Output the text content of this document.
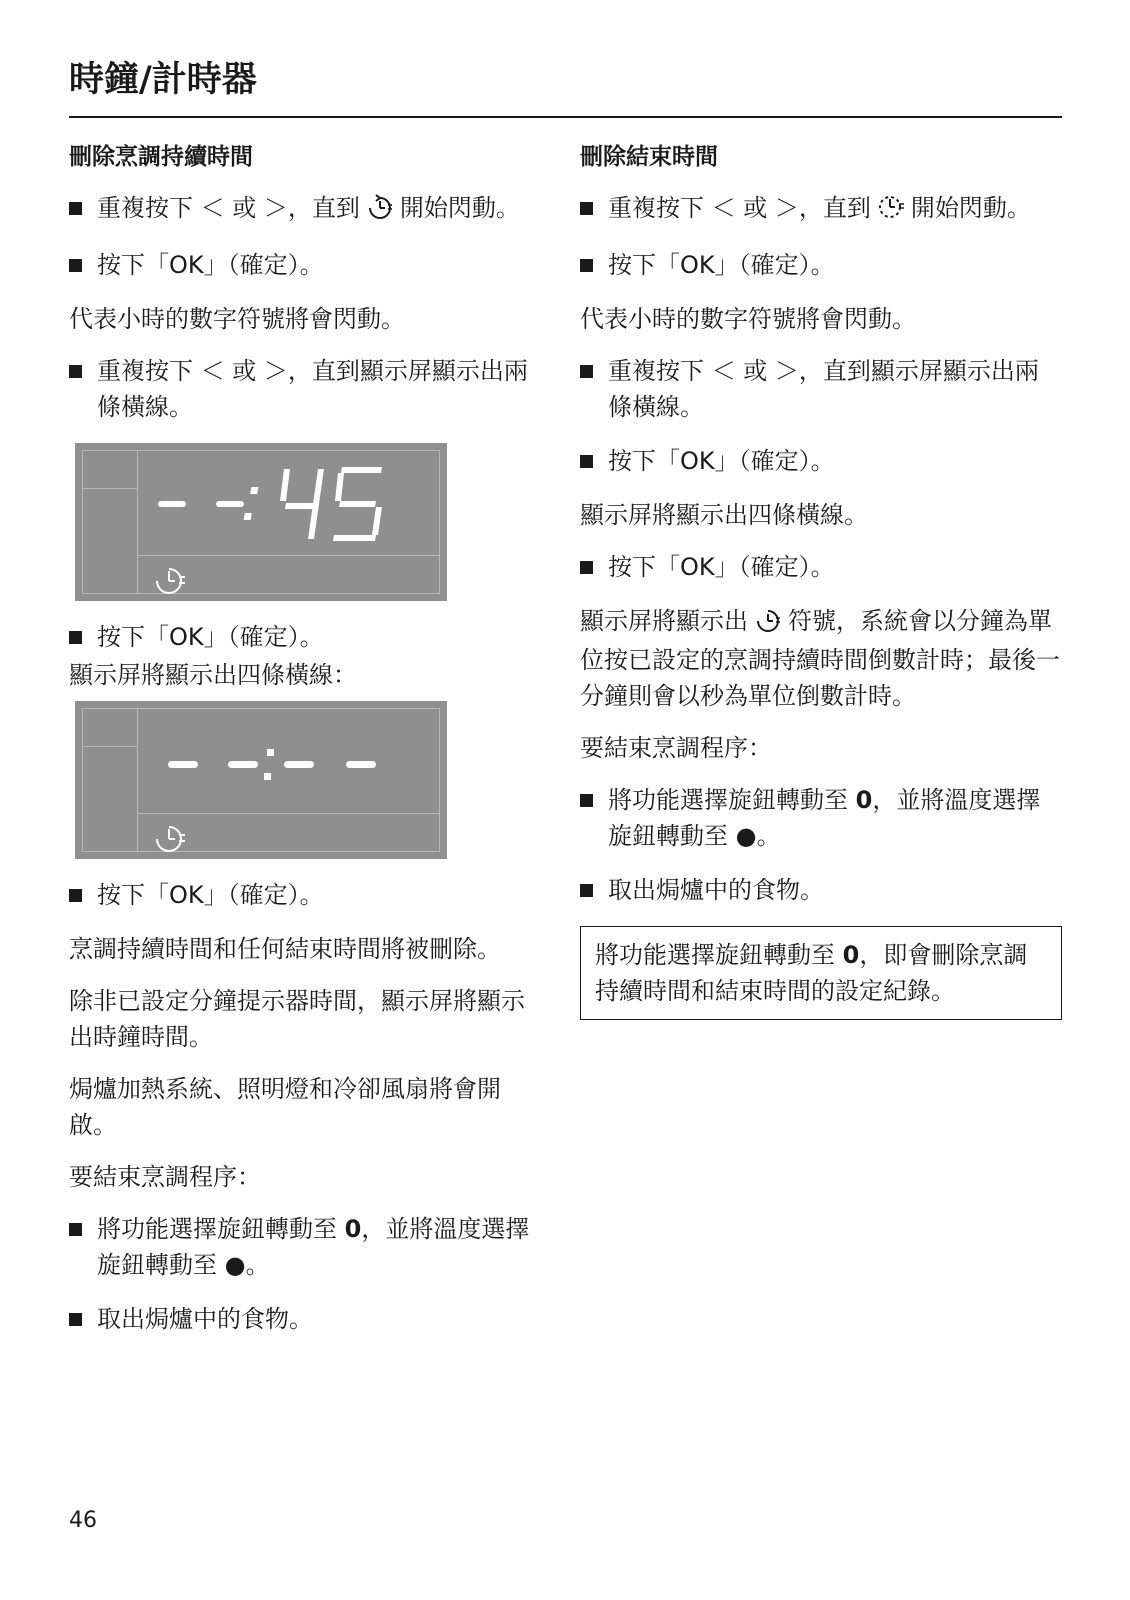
時鐘/計時器
刪除烹調持續時間
重複按下 ＜ 或 ＞，直到 開始閃動。
按下「OK」（確定）。

代表小時的數字符號將會閃動。

重複按下 ＜ 或 ＞，直到顯示屏顯示出兩條橫線。
按下「OK」（確定）。

顯示屏將顯示出四條橫線：

按下「OK」（確定）。

烹調持續時間和任何結束時間將被刪除。

除非已設定分鐘提示器時間，顯示屏將顯示出時鐘時間。

焗爐加熱系統、照明燈和冷卻風扇將會開啟。

要結束烹調程序：

將功能選擇旋鈕轉動至 0，並將溫度選擇旋鈕轉動至 ●。
取出焗爐中的食物。
刪除結束時間
重複按下 ＜ 或 ＞，直到 開始閃動。
按下「OK」（確定）。

代表小時的數字符號將會閃動。

重複按下 ＜ 或 ＞，直到顯示屏顯示出兩條橫線。
按下「OK」（確定）。

顯示屏將顯示出四條橫線。

按下「OK」（確定）。

顯示屏將顯示出 符號，系統會以分鐘為單位按已設定的烹調持續時間倒數計時；最後一分鐘則會以秒為單位倒數計時。

要結束烹調程序：

將功能選擇旋鈕轉動至 0，並將溫度選擇旋鈕轉動至 ●。
取出焗爐中的食物。
將功能選擇旋鈕轉動至 0，即會刪除烹調持續時間和結束時間的設定紀錄。
46
